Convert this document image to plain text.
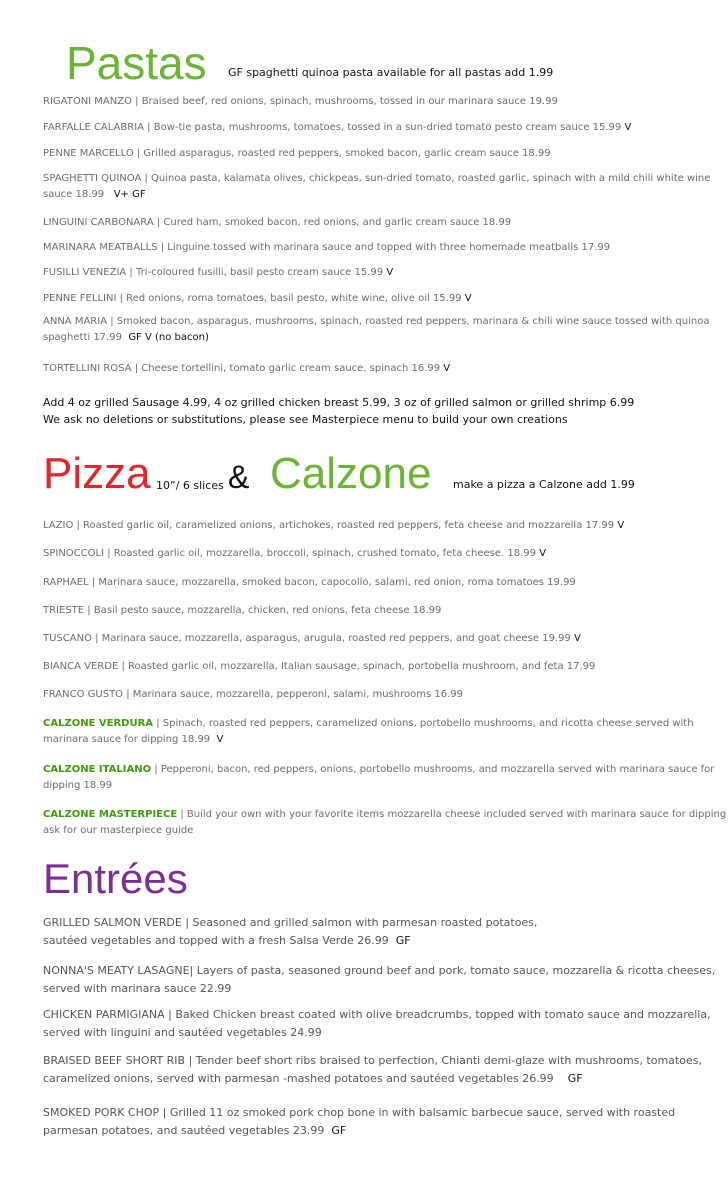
Pastas GF spaghetti quinoa pasta available for all pastas add 1.99
RIGATONI MANZO | Braised beef, red onions, spinach, mushrooms, tossed in our marinara sauce 19.99
FARFALLE CALABRIA | Bow-tie pasta, mushrooms, tomatoes, tossed in a sun-dried tomato pesto cream sauce 15.99 V
PENNE MARCELLO | Grilled asparagus, roasted red peppers, smoked bacon, garlic cream sauce 18.99
SPAGHETTI QUINOA | Quinoa pasta, kalamata olives, chickpeas, sun-dried tomato, roasted garlic, spinach with a mild chili white wine
sauce 18.99 V+ GF
LINGUINI CARBONARA | Cured ham, smoked bacon, red onions, and garlic cream sauce 18.99
MARINARA MEATBALLS | Linguine tossed with marinara sauce and topped with three homemade meatballs 17.99
FUSILLI VENEZIA | Tri-coloured fusilli, basil pesto cream sauce 15.99 V
PENNE FELLINI | Red onions, roma tomatoes, basil pesto, white wine, olive oil 15.99 V
ANNA MARIA | Smoked bacon, asparagus, mushrooms, spinach, roasted red peppers, marinara & chili wine sauce tossed with quinoa
spaghetti 17.99 GF V (no bacon)
TORTELLINI ROSA | Cheese tortellini, tomato garlic cream sauce, spinach 16.99 V
Add 4 oz grilled Sausage 4.99, 4 oz grilled chicken breast 5.99, 3 oz of grilled salmon or grilled shrimp 6.99
We ask no deletions or substitutions, please see Masterpiece menu to build your own creations
Pizza 10”/ 6 slices & Calzone make a pizza a Calzone add 1.99
LAZIO | Roasted garlic oil, caramelized onions, artichokes, roasted red peppers, feta cheese and mozzarella 17.99 V
SPINOCCOLI | Roasted garlic oil, mozzarella, broccoli, spinach, crushed tomato, feta cheese. 18.99 V
RAPHAEL | Marinara sauce, mozzarella, smoked bacon, capocollo, salami, red onion, roma tomatoes 19.99
TRIESTE | Basil pesto sauce, mozzarella, chicken, red onions, feta cheese 18.99
TUSCANO | Marinara sauce, mozzarella, asparagus, arugula, roasted red peppers, and goat cheese 19.99 V
BIANCA VERDE | Roasted garlic oil, mozzarella, Italian sausage, spinach, portobella mushroom, and feta 17.99
FRANCO GUSTO | Marinara sauce, mozzarella, pepperoni, salami, mushrooms 16.99
CALZONE VERDURA | Spinach, roasted red peppers, caramelized onions, portobello mushrooms, and ricotta cheese served with
marinara sauce for dipping 18.99 V
CALZONE ITALIANO | Pepperoni, bacon, red peppers, onions, portobello mushrooms, and mozzarella served with marinara sauce for
dipping 18.99
CALZONE MASTERPIECE | Build your own with your favorite items mozzarella cheese included served with marinara sauce for dipping
ask for our masterpiece guide
Entrées
GRILLED SALMON VERDE | Seasoned and grilled salmon with parmesan roasted potatoes,
sautéed vegetables and topped with a fresh Salsa Verde 26.99 GF
NONNA'S MEATY LASAGNE| Layers of pasta, seasoned ground beef and pork, tomato sauce, mozzarella & ricotta cheeses,
served with marinara sauce 22.99
CHICKEN PARMIGIANA | Baked Chicken breast coated with olive breadcrumbs, topped with tomato sauce and mozzarella,
served with linguini and sautéed vegetables 24.99
BRAISED BEEF SHORT RIB | Tender beef short ribs braised to perfection, Chianti demi-glaze with mushrooms, tomatoes,
caramelized onions, served with parmesan -mashed potatoes and sautéed vegetables 26.99 GF
SMOKED PORK CHOP | Grilled 11 oz smoked pork chop bone in with balsamic barbecue sauce, served with roasted
parmesan potatoes, and sautéed vegetables 23.99 GF
